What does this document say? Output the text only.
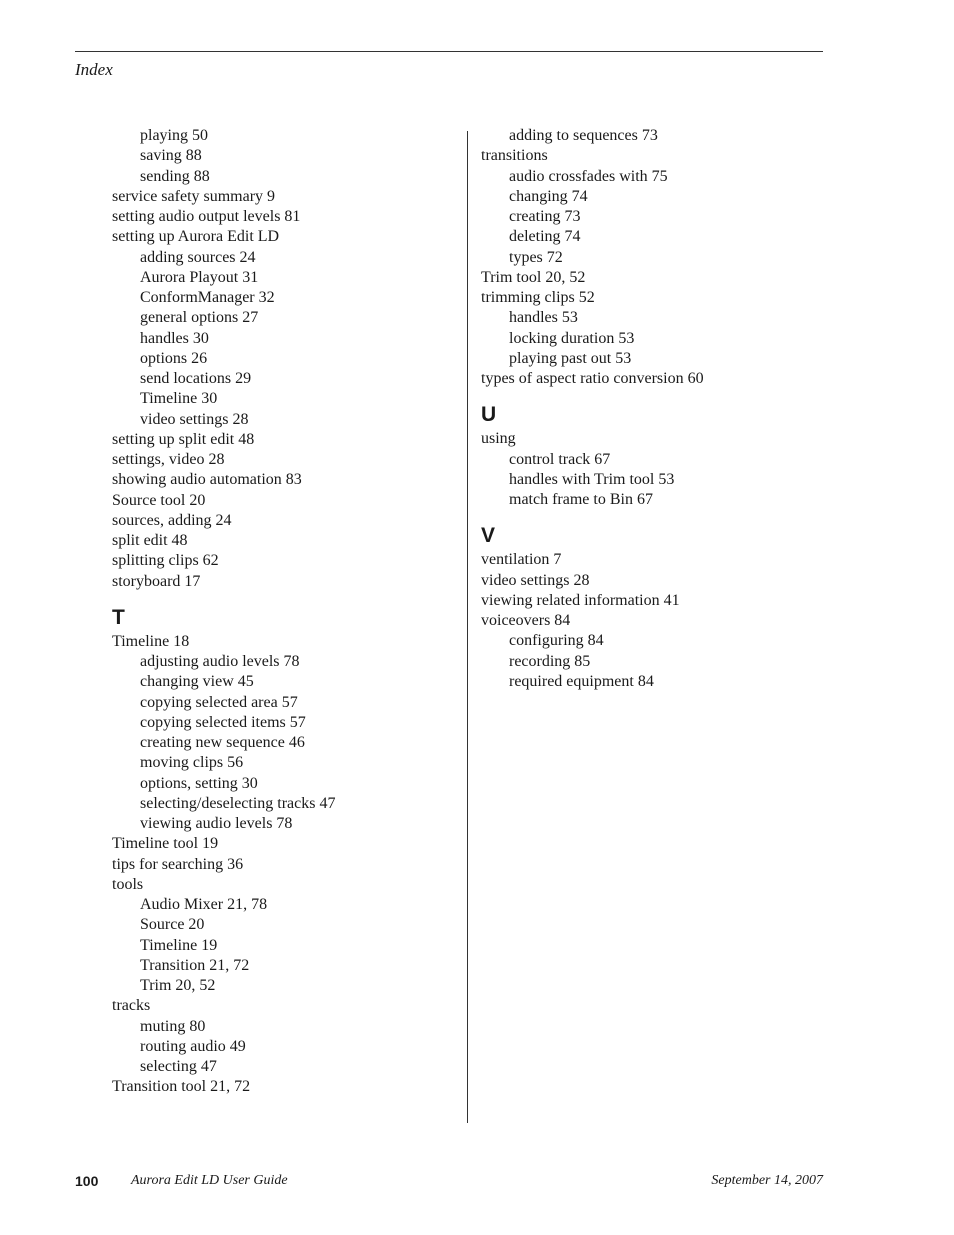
Index
playing 50
saving 88
sending 88
service safety summary 9
setting audio output levels 81
setting up Aurora Edit LD
adding sources 24
Aurora Playout 31
ConformManager 32
general options 27
handles 30
options 26
send locations 29
Timeline 30
video settings 28
setting up split edit 48
settings, video 28
showing audio automation 83
Source tool 20
sources, adding 24
split edit 48
splitting clips 62
storyboard 17
T
Timeline 18
adjusting audio levels 78
changing view 45
copying selected area 57
copying selected items 57
creating new sequence 46
moving clips 56
options, setting 30
selecting/deselecting tracks 47
viewing audio levels 78
Timeline tool 19
tips for searching 36
tools
Audio Mixer 21, 78
Source 20
Timeline 19
Transition 21, 72
Trim 20, 52
tracks
muting 80
routing audio 49
selecting 47
Transition tool 21, 72
adding to sequences 73
transitions
audio crossfades with 75
changing 74
creating 73
deleting 74
types 72
Trim tool 20, 52
trimming clips 52
handles 53
locking duration 53
playing past out 53
types of aspect ratio conversion 60
U
using
control track 67
handles with Trim tool 53
match frame to Bin 67
V
ventilation 7
video settings 28
viewing related information 41
voiceovers 84
configuring 84
recording 85
required equipment 84
100 Aurora Edit LD User Guide	September 14, 2007
